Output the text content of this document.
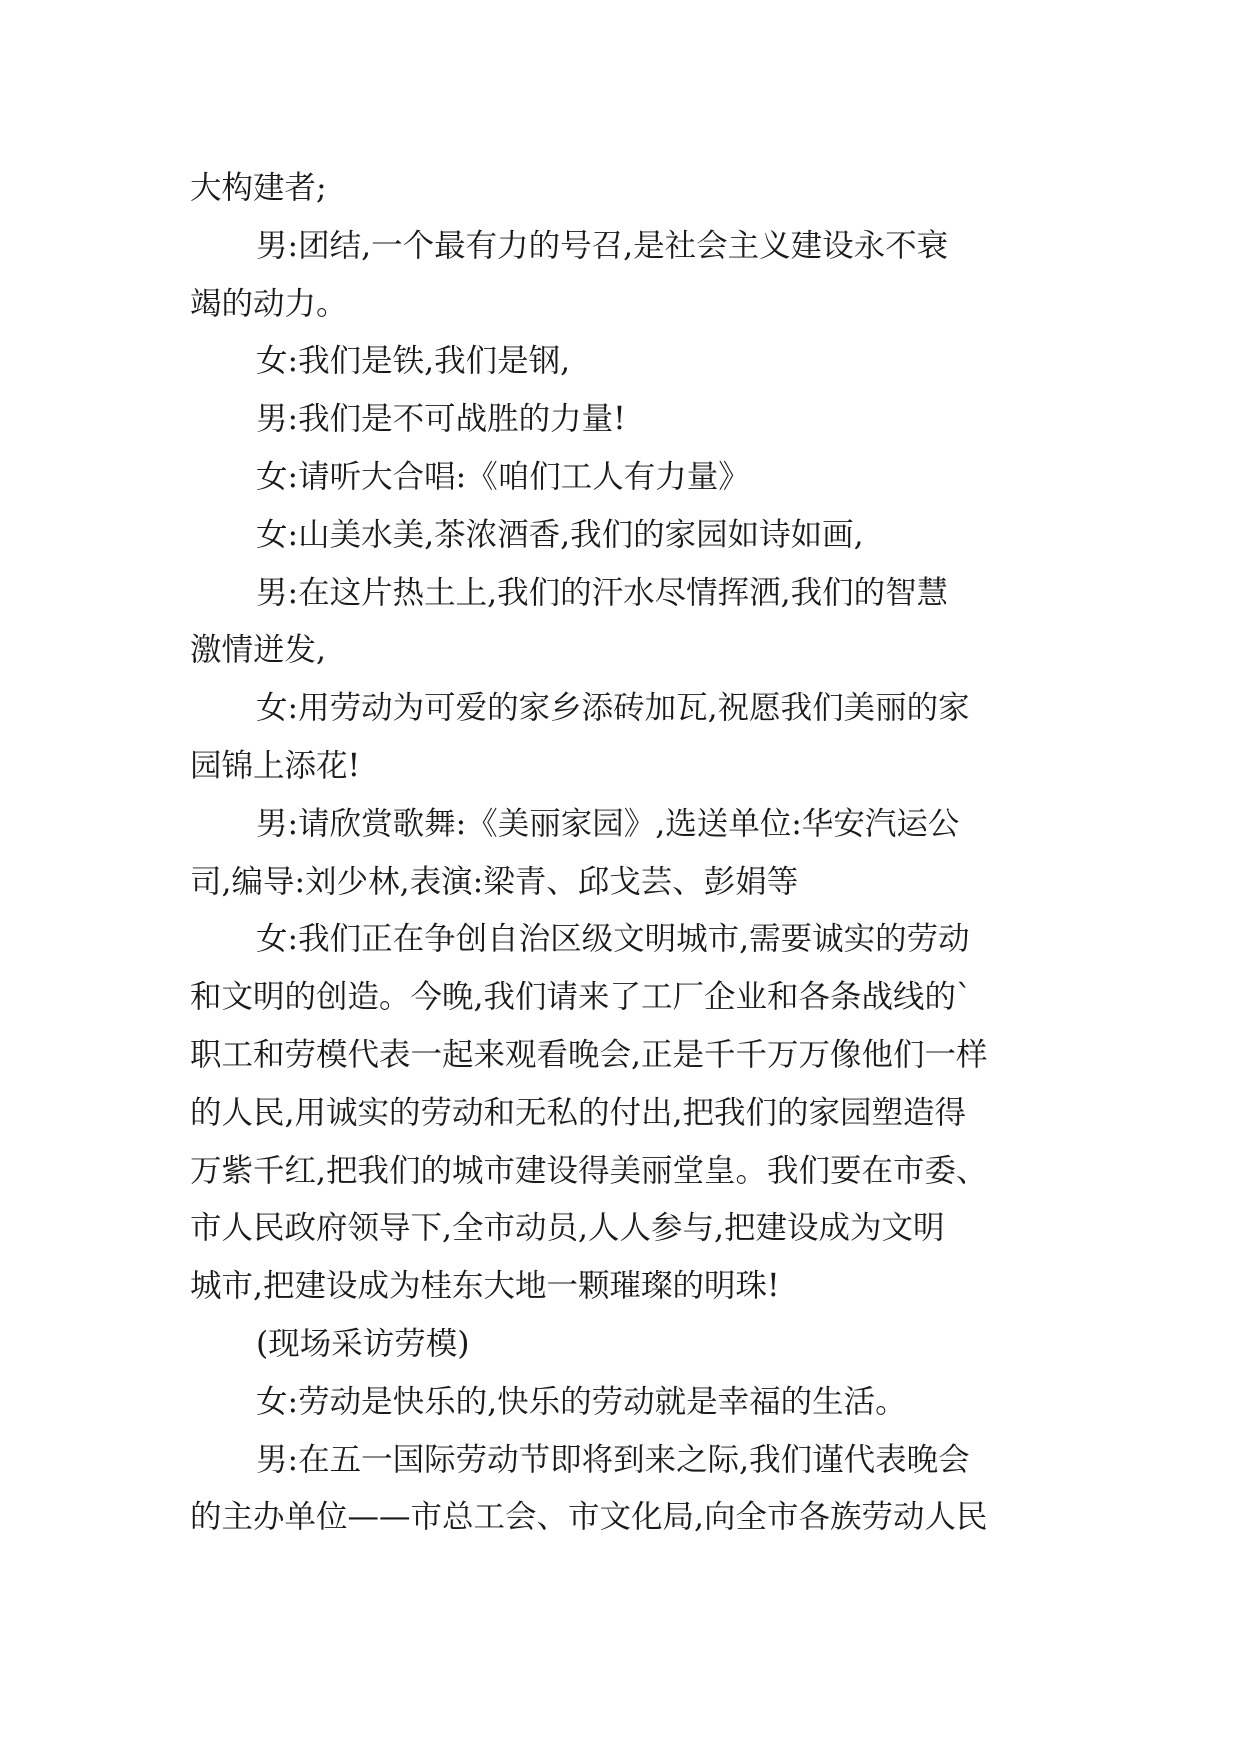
大构建者;
男:团结,一个最有力的号召,是社会主义建设永不衰
竭的动力。
女:我们是铁,我们是钢,
男:我们是不可战胜的力量!
女:请听大合唱:《咱们工人有力量》
女:山美水美,茶浓酒香,我们的家园如诗如画,
男:在这片热土上,我们的汗水尽情挥洒,我们的智慧
激情迸发,
女:用劳动为可爱的家乡添砖加瓦,祝愿我们美丽的家
园锦上添花!
男:请欣赏歌舞:《美丽家园》,选送单位:华安汽运公
司,编导:刘少林,表演:梁青、邱戈芸、彭娟等
女:我们正在争创自治区级文明城市,需要诚实的劳动
和文明的创造。今晚,我们请来了工厂企业和各条战线的`
职工和劳模代表一起来观看晚会,正是千千万万像他们一样
的人民,用诚实的劳动和无私的付出,把我们的家园塑造得
万紫千红,把我们的城市建设得美丽堂皇。我们要在市委、
市人民政府领导下,全市动员,人人参与,把建设成为文明
城市,把建设成为桂东大地一颗璀璨的明珠!
(现场采访劳模)
女:劳动是快乐的,快乐的劳动就是幸福的生活。
男:在五一国际劳动节即将到来之际,我们谨代表晚会
的主办单位——市总工会、市文化局,向全市各族劳动人民
